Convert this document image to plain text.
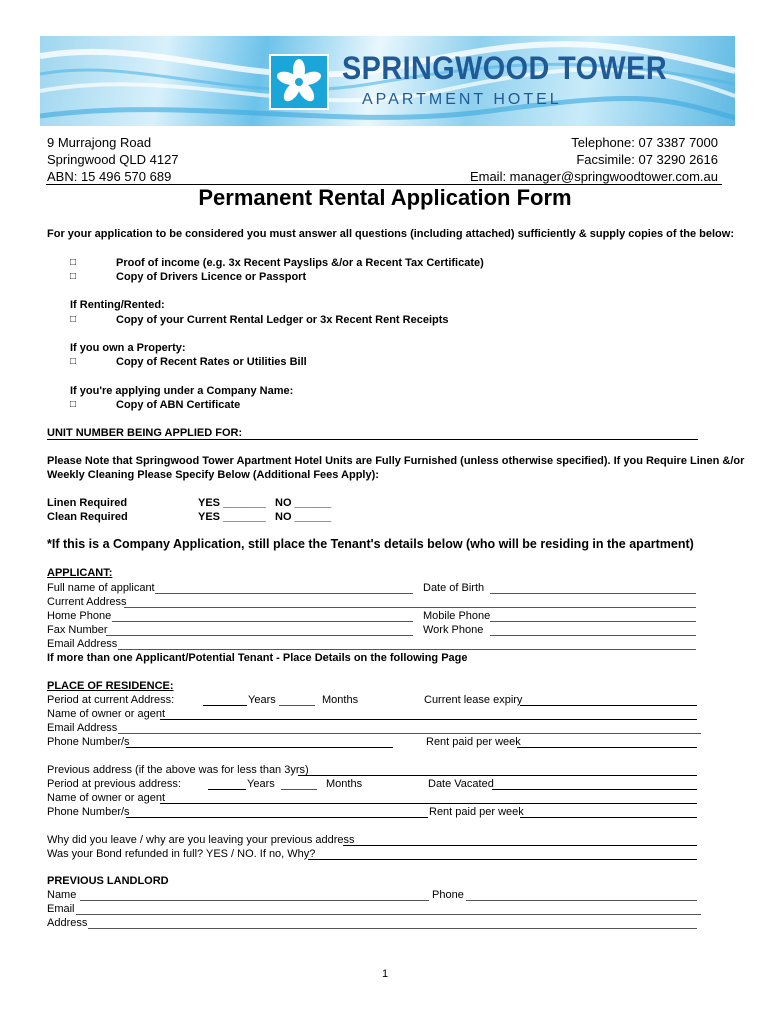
SPRINGWOOD TOWER
APARTMENT HOTEL
9 Murrajong Road
Springwood QLD 4127
ABN: 15 496 570 689
Telephone: 07 3387 7000
Facsimile: 07 3290 2616
Email: manager@springwoodtower.com.au
Permanent Rental Application Form
For your application to be considered you must answer all questions (including attached) sufficiently & supply copies of the below:
□	Proof of income (e.g. 3x Recent Payslips &/or a Recent Tax Certificate)
□	Copy of Drivers Licence or Passport
If Renting/Rented:
□	Copy of your Current Rental Ledger or 3x Recent Rent Receipts
If you own a Property:
□	Copy of Recent Rates or Utilities Bill
If you're applying under a Company Name:
□	Copy of ABN Certificate
UNIT NUMBER BEING APPLIED FOR:
Please Note that Springwood Tower Apartment Hotel Units are Fully Furnished (unless otherwise specified). If you Require Linen &/or
Weekly Cleaning Please Specify Below (Additional Fees Apply):
Linen Required	YES _______ NO ______
Clean Required	YES _______ NO ______
*If this is a Company Application, still place the Tenant's details below (who will be residing in the apartment)
APPLICANT:
Full name of applicant	Date of Birth
Current Address
Home Phone	Mobile Phone
Fax Number	Work Phone
Email Address
If more than one Applicant/Potential Tenant - Place Details on the following Page
PLACE OF RESIDENCE:
Period at current Address:	Years	Months	Current lease expiry
Name of owner or agent
Email Address
Phone Number/s	Rent paid per week
Previous address (if the above was for less than 3yrs)
Period at previous address:	Years	Months	Date Vacated
Name of owner or agent
Phone Number/s	Rent paid per week
Why did you leave / why are you leaving your previous address
Was your Bond refunded in full? YES / NO. If no, Why?
PREVIOUS LANDLORD
Name	Phone
Email
Address
1
